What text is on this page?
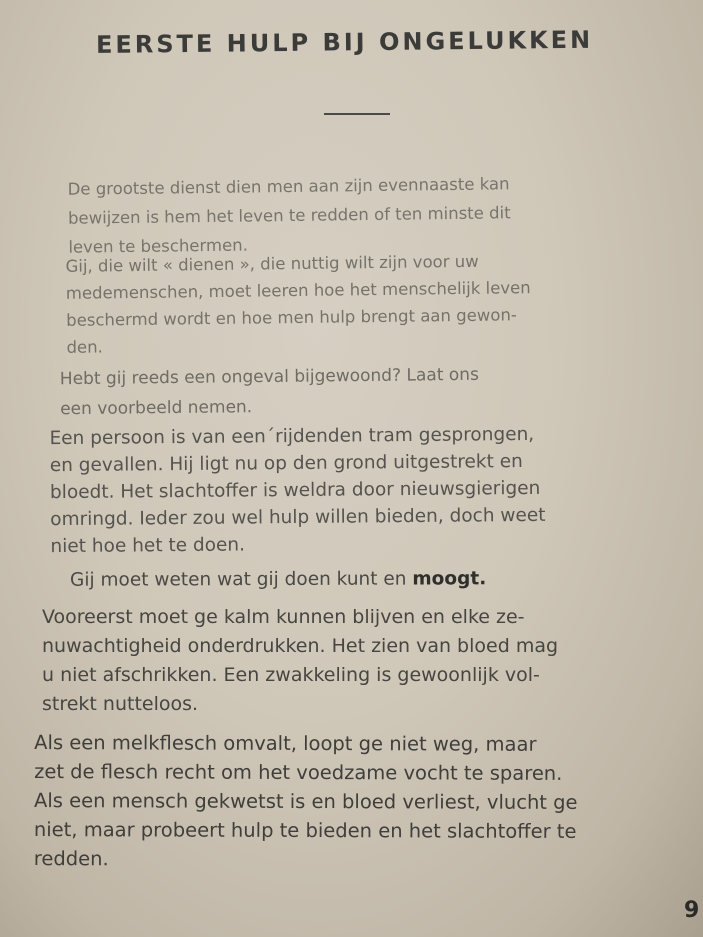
EERSTE HULP BIJ ONGELUKKEN
De grootste dienst dien men aan zijn evennaaste kan
bewijzen is hem het leven te redden of ten minste dit
leven te beschermen.
Gij, die wilt « dienen », die nuttig wilt zijn voor uw
medemenschen, moet leeren hoe het menschelijk leven
beschermd wordt en hoe men hulp brengt aan gewon-
den.
Hebt gij reeds een ongeval bijgewoond? Laat ons
een voorbeeld nemen.
Een persoon is van een´rijdenden tram gesprongen,
en gevallen. Hij ligt nu op den grond uitgestrekt en
bloedt. Het slachtoffer is weldra door nieuwsgierigen
omringd. Ieder zou wel hulp willen bieden, doch weet
niet hoe het te doen.
Gij moet weten wat gij doen kunt en moogt.
Vooreerst moet ge kalm kunnen blijven en elke ze-
nuwachtigheid onderdrukken. Het zien van bloed mag
u niet afschrikken. Een zwakkeling is gewoonlijk vol-
strekt nutteloos.
Als een melkflesch omvalt, loopt ge niet weg, maar
zet de flesch recht om het voedzame vocht te sparen.
Als een mensch gekwetst is en bloed verliest, vlucht ge
niet, maar probeert hulp te bieden en het slachtoffer te
redden.
9
